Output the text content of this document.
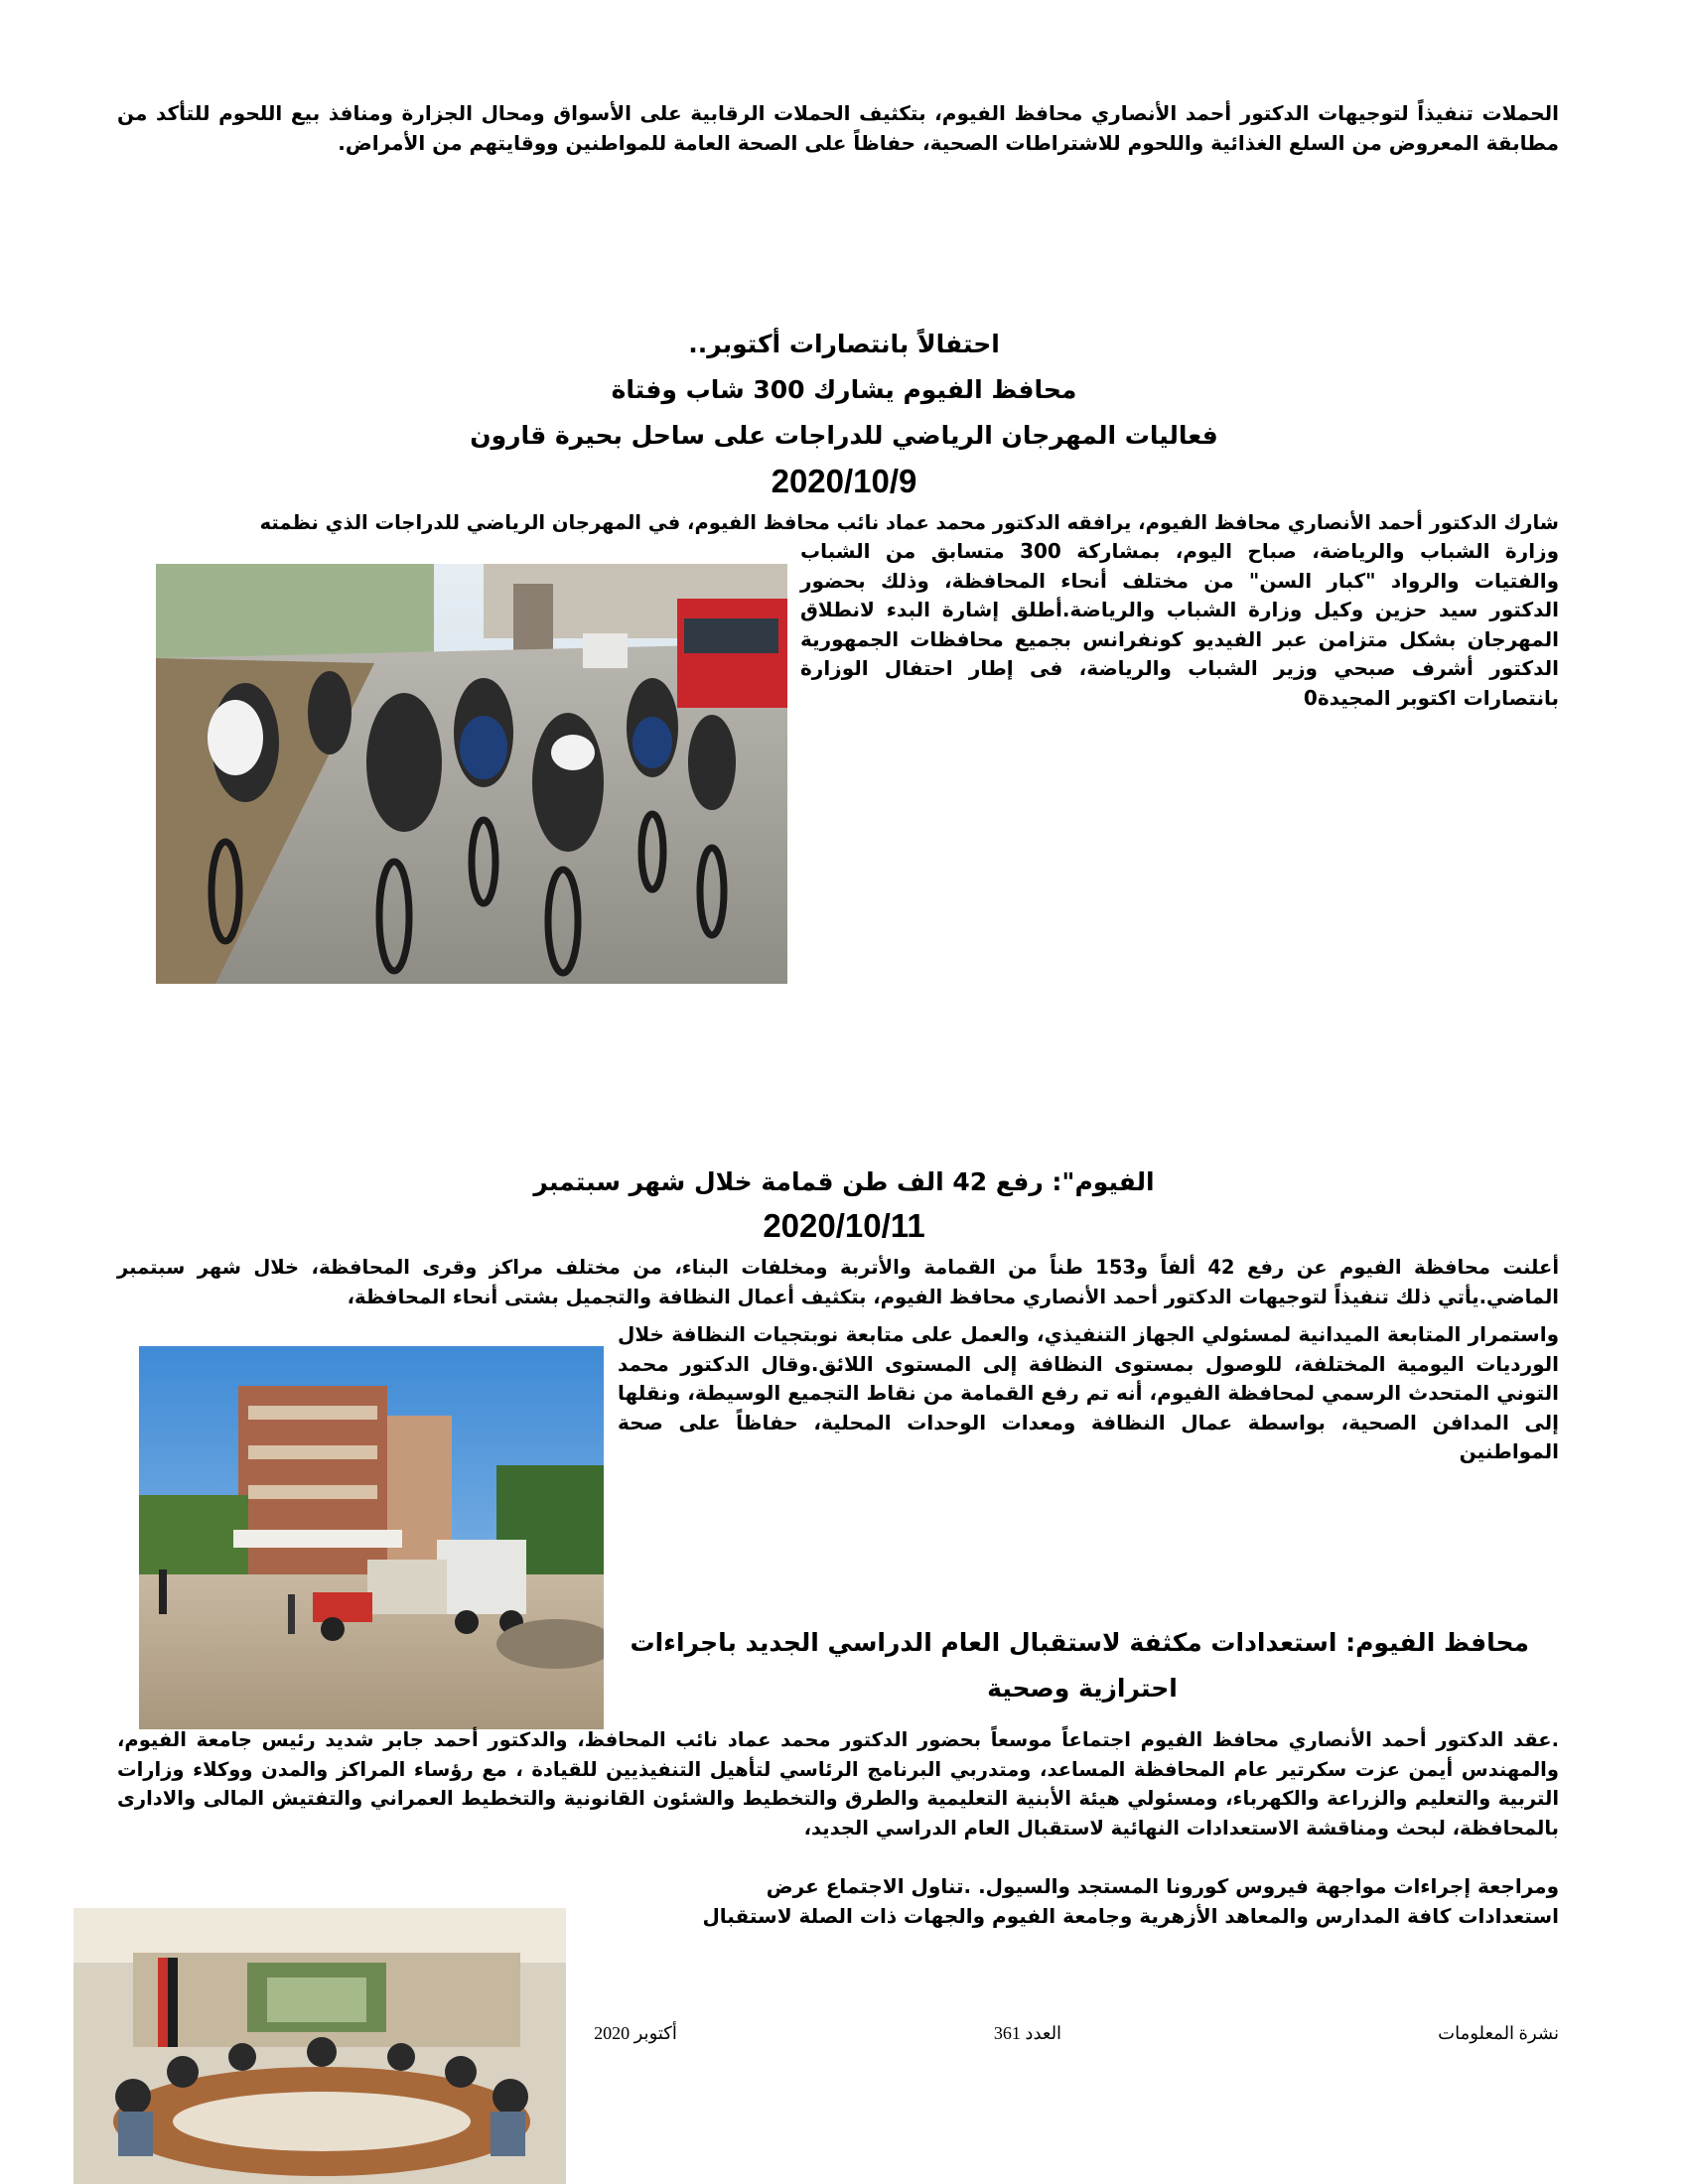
الحملات تنفيذاً لتوجيهات الدكتور أحمد الأنصاري محافظ الفيوم، بتكثيف الحملات الرقابية على الأسواق ومحال الجزارة ومنافذ بيع اللحوم للتأكد من مطابقة المعروض من السلع الغذائية واللحوم للاشتراطات الصحية، حفاظاً على الصحة العامة للمواطنين ووقايتهم من الأمراض.
احتفالاً بانتصارات أكتوبر..
محافظ الفيوم يشارك 300 شاب وفتاة
فعاليات المهرجان الرياضي للدراجات على ساحل بحيرة قارون
2020/10/9
شارك الدكتور أحمد الأنصاري محافظ الفيوم، يرافقه الدكتور محمد عماد نائب محافظ الفيوم، في المهرجان الرياضي للدراجات الذي نظمته
وزارة الشباب والرياضة، صباح اليوم، بمشاركة 300 متسابق من الشباب والفتيات والرواد "كبار السن" من مختلف أنحاء المحافظة، وذلك بحضور الدكتور سيد حزين وكيل وزارة الشباب والرياضة.أطلق إشارة البدء لانطلاق المهرجان بشكل متزامن عبر الفيديو كونفرانس بجميع محافظات الجمهورية الدكتور أشرف صبحي وزير الشباب والرياضة، فى إطار احتفال الوزارة بانتصارات اكتوبر المجيدة0
الفيوم": رفع 42 الف طن قمامة خلال شهر سبتمبر
2020/10/11
أعلنت محافظة الفيوم عن رفع 42 ألفاً و153 طناً من القمامة والأتربة ومخلفات البناء، من مختلف مراكز وقرى المحافظة، خلال شهر سبتمبر الماضي.يأتي ذلك تنفيذاً لتوجيهات الدكتور أحمد الأنصاري محافظ الفيوم، بتكثيف أعمال النظافة والتجميل بشتى أنحاء المحافظة،
واستمرار المتابعة الميدانية لمسئولي الجهاز التنفيذي، والعمل على متابعة نوبتجيات النظافة خلال الورديات اليومية المختلفة، للوصول بمستوى النظافة إلى المستوى اللائق.وقال الدكتور محمد التوني المتحدث الرسمي لمحافظة الفيوم، أنه تم رفع القمامة من نقاط التجميع الوسيطة، ونقلها إلى المدافن الصحية، بواسطة عمال النظافة ومعدات الوحدات المحلية، حفاظاً على صحة المواطنين
محافظ الفيوم: استعدادات مكثفة لاستقبال العام الدراسي الجديد باجراءات
احترازية وصحية
.عقد الدكتور أحمد الأنصاري محافظ الفيوم اجتماعاً موسعاً بحضور الدكتور محمد عماد نائب المحافظ، والدكتور أحمد جابر شديد رئيس جامعة الفيوم، والمهندس أيمن عزت سكرتير عام المحافظة المساعد، ومتدربي البرنامج الرئاسي لتأهيل التنفيذيين للقيادة ، مع رؤساء المراكز والمدن ووكلاء وزارات التربية والتعليم والزراعة والكهرباء، ومسئولي هيئة الأبنية التعليمية والطرق والتخطيط والشئون القانونية والتخطيط العمراني والتفتيش المالى والادارى بالمحافظة، لبحث ومناقشة الاستعدادات النهائية لاستقبال العام الدراسي الجديد،
ومراجعة إجراءات مواجهة فيروس كورونا المستجد والسيول. .تناول الاجتماع عرض
استعدادات كافة المدارس والمعاهد الأزهرية وجامعة الفيوم والجهات ذات الصلة لاستقبال
نشرة المعلومات
العدد 361
أكتوبر 2020
